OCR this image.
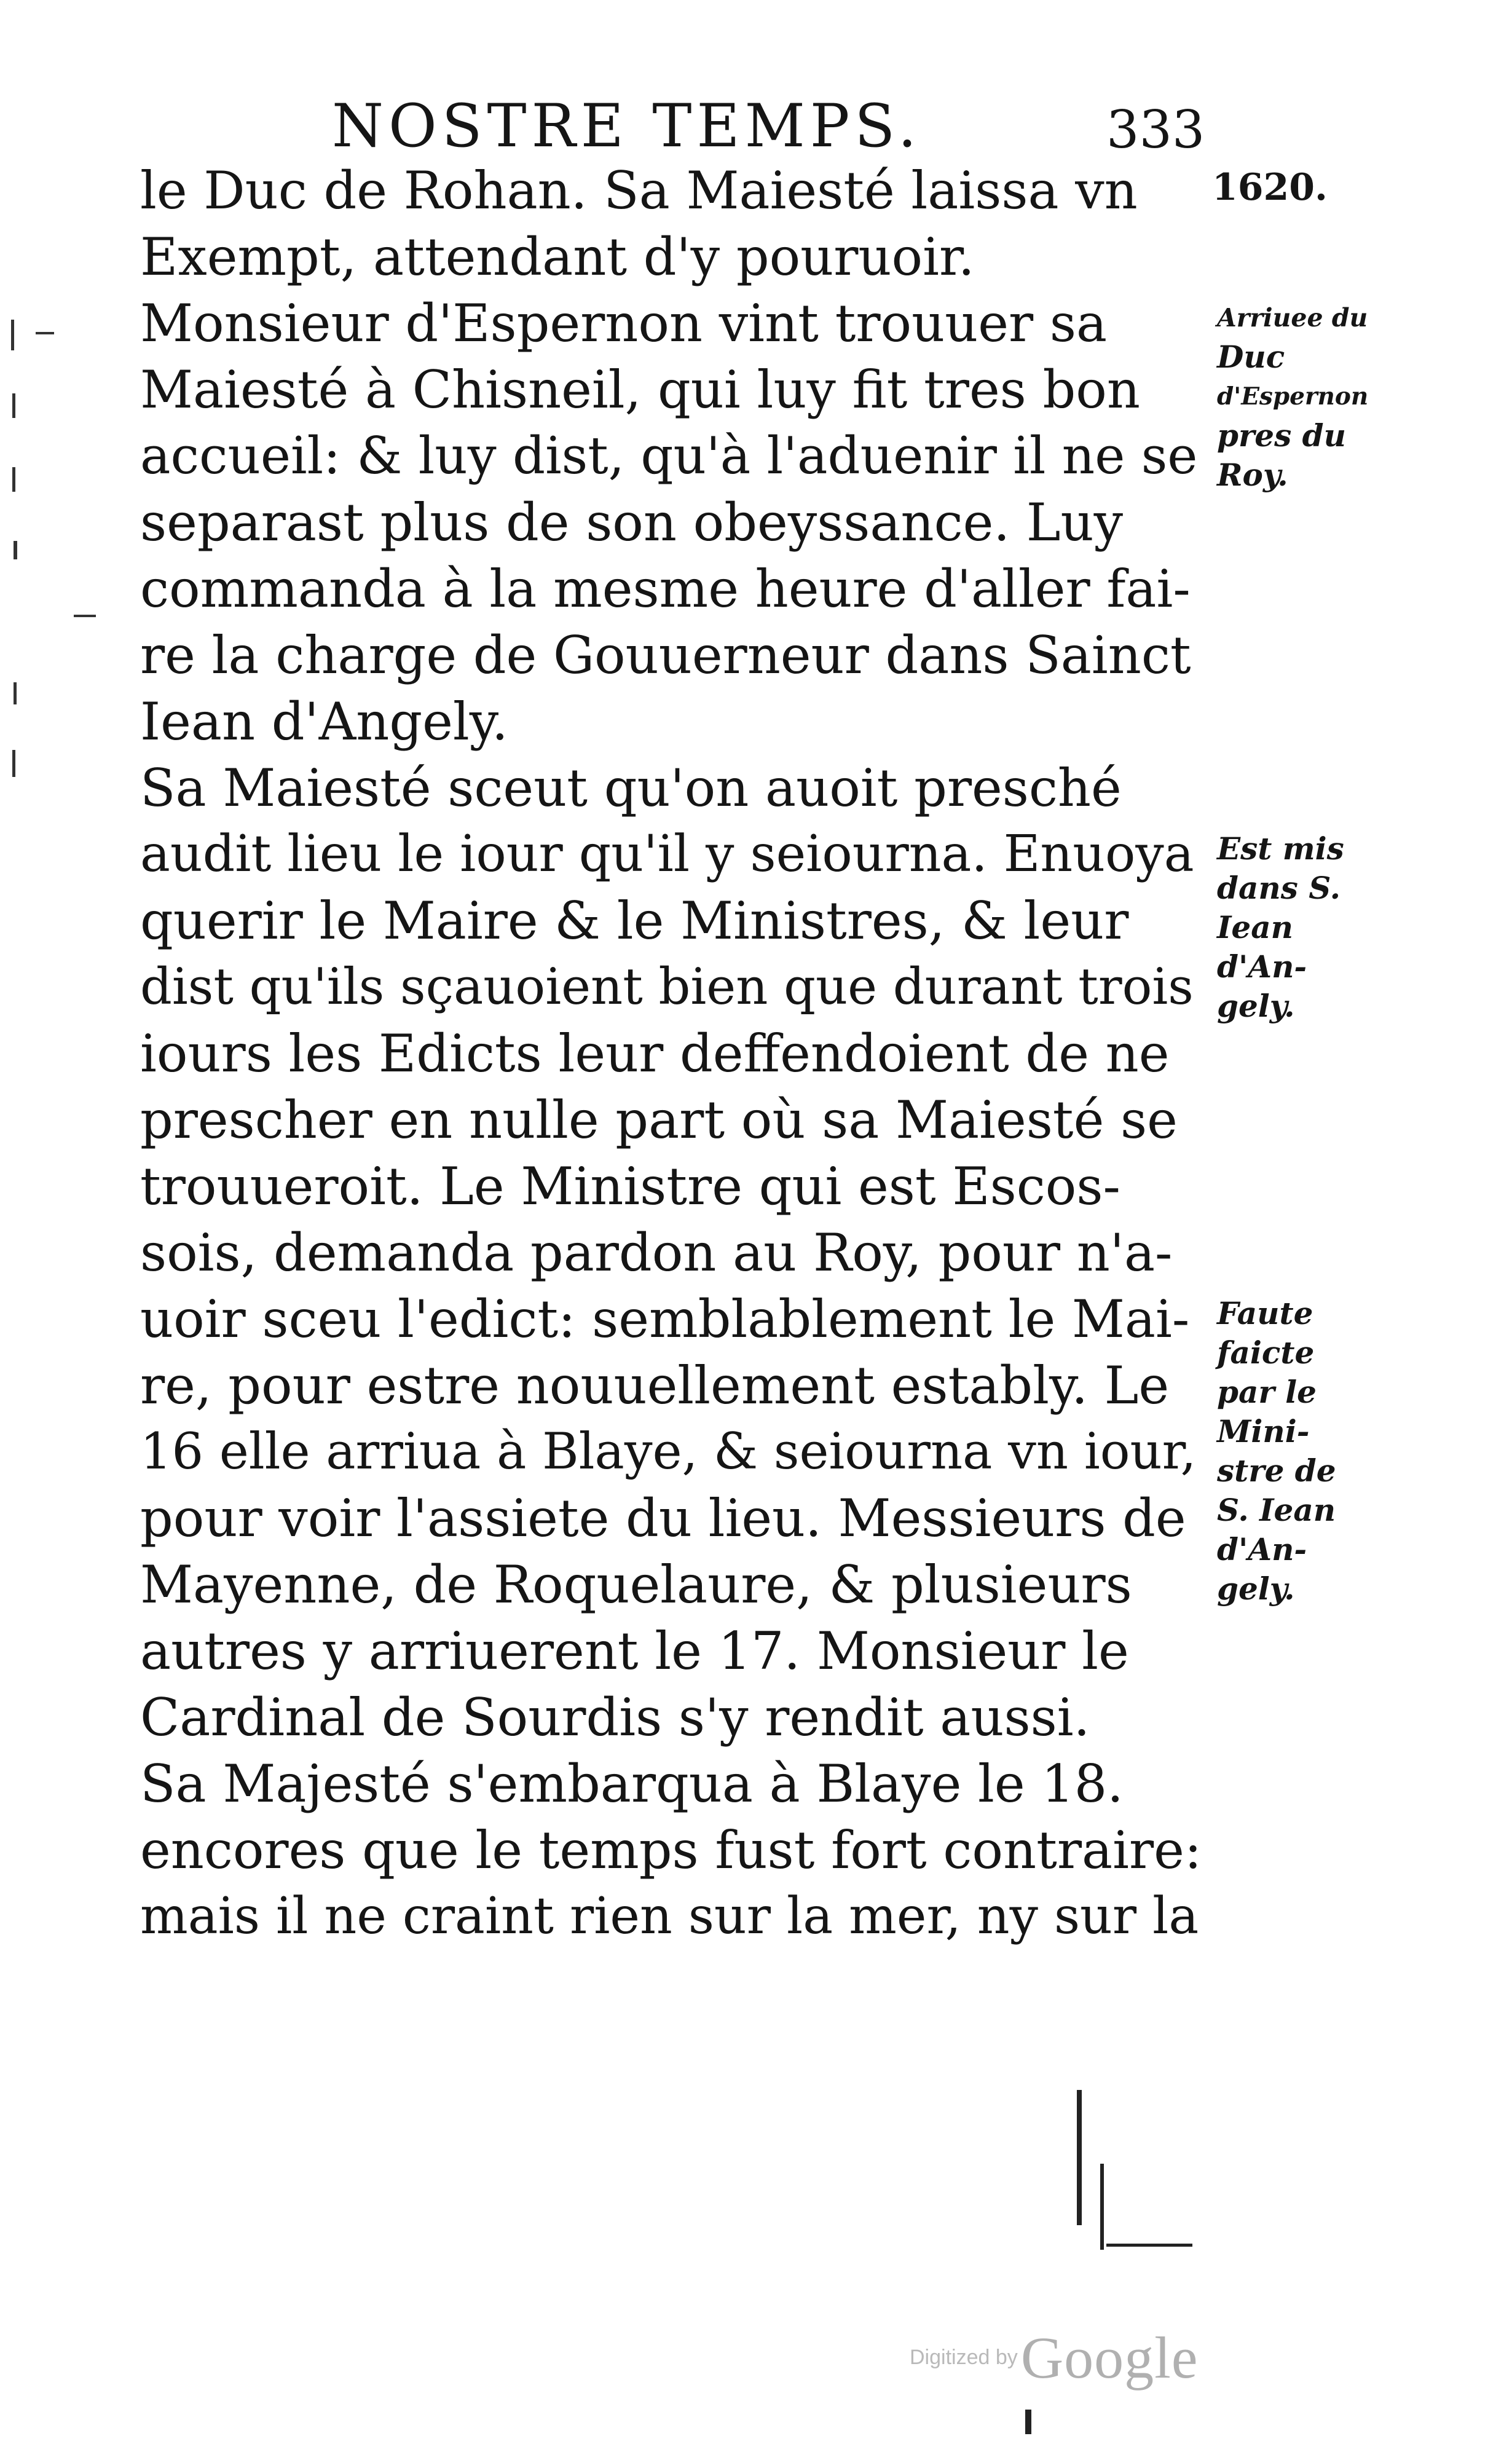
NOSTRE TEMPS.	333
1620.
le Duc de Rohan. Sa Maiesté laissa vn
Exempt, attendant d'y pouruoir.
Monsieur d'Espernon vint trouuer sa
Maiesté à Chisneil, qui luy fit tres bon
accueil: & luy dist, qu'à l'aduenir il ne se
separast plus de son obeyssance. Luy
commanda à la mesme heure d'aller fai-
re la charge de Gouuerneur dans Sainct
Iean d'Angely.
Sa Maiesté sceut qu'on auoit presché
audit lieu le iour qu'il y seiourna. Enuoya
querir le Maire & le Ministres, & leur
dist qu'ils sçauoient bien que durant trois
iours les Edicts leur deffendoient de ne
prescher en nulle part où sa Maiesté se
trouueroit. Le Ministre qui est Escos-
sois, demanda pardon au Roy, pour n'a-
uoir sceu l'edict: semblablement le Mai-
re, pour estre nouuellement estably. Le
16 elle arriua à Blaye, & seiourna vn iour,
pour voir l'assiete du lieu. Messieurs de
Mayenne, de Roquelaure, & plusieurs
autres y arriuerent le 17. Monsieur le
Cardinal de Sourdis s'y rendit aussi.
Sa Majesté s'embarqua à Blaye le 18.
encores que le temps fust fort contraire:
mais il ne craint rien sur la mer, ny sur la
Arriuee du
Duc
d'Espernon
pres du
Roy.
Est mis
dans S.
Iean
d'An-
gely.
Faute
faicte
par le
Mini-
stre de
S. Iean
d'An-
gely.
Digitized by Google
